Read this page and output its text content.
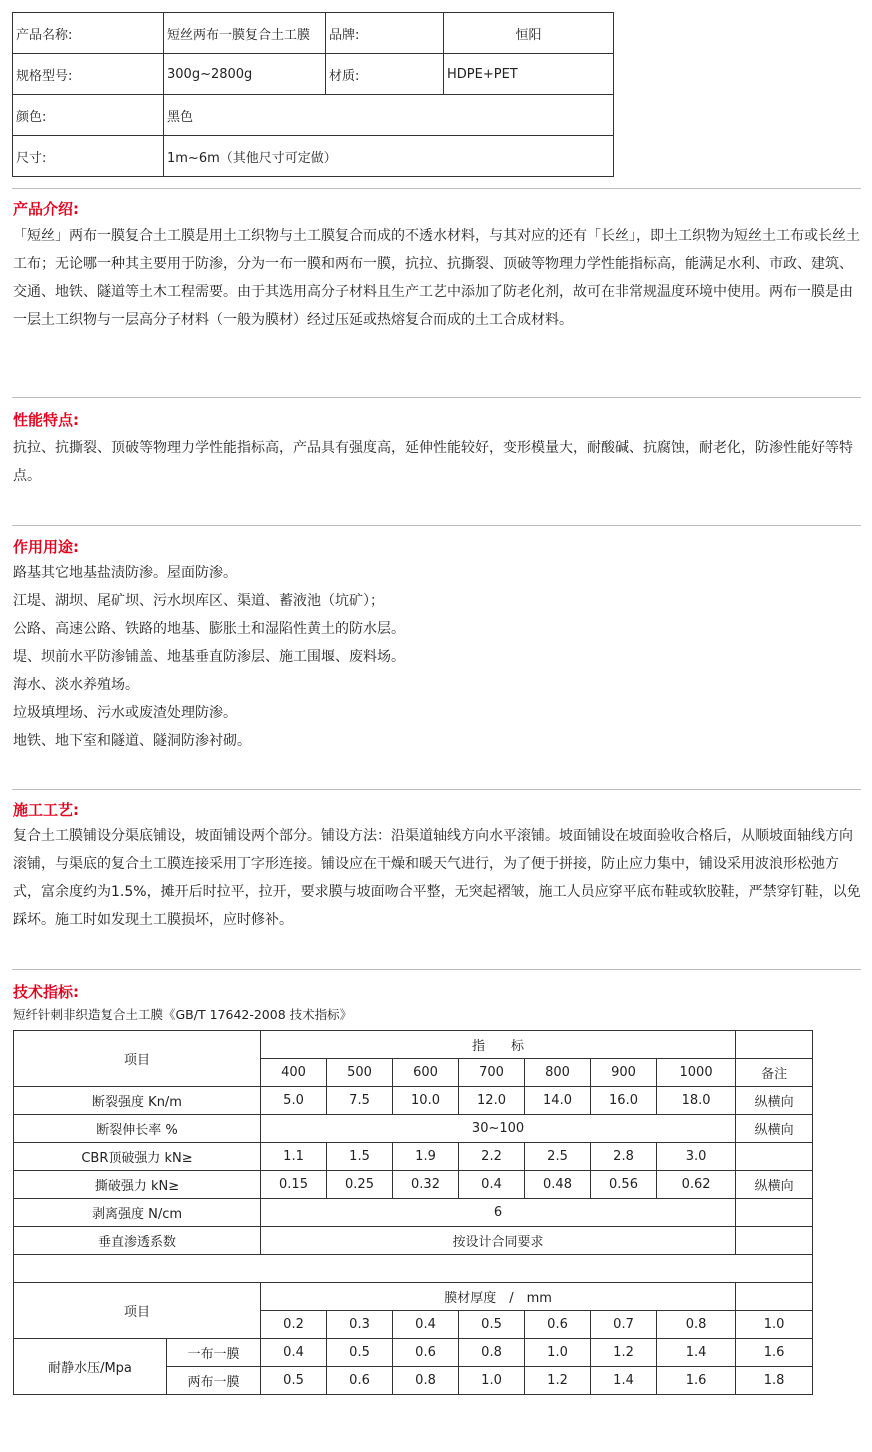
产品名称:	短丝两布一膜复合土工膜	品牌:	恒阳
规格型号:	300g~2800g	材质:	HDPE+PET
颜色:	黑色		
尺寸:	1m~6m（其他尺寸可定做）		
产品介绍:

「短丝」两布一膜复合土工膜是用土工织物与土工膜复合而成的不透水材料，与其对应的还有「长丝」，即土工织物为短丝土工布或长丝土工布；无论哪一种其主要用于防渗，分为一布一膜和两布一膜，抗拉、抗撕裂、顶破等物理力学性能指标高，能满足水利、市政、建筑、交通、地铁、隧道等土木工程需要。由于其选用高分子材料且生产工艺中添加了防老化剂，故可在非常规温度环境中使用。两布一膜是由一层土工织物与一层高分子材料（一般为膜材）经过压延或热熔复合而成的土工合成材料。

性能特点:

抗拉、抗撕裂、顶破等物理力学性能指标高，产品具有强度高，延伸性能较好，变形模量大，耐酸碱、抗腐蚀，耐老化，防渗性能好等特点。

作用用途:
路基其它地基盐渍防渗。屋面防渗。
江堤、湖坝、尾矿坝、污水坝库区、渠道、蓄液池（坑矿）；
公路、高速公路、铁路的地基、膨胀土和湿陷性黄土的防水层。
堤、坝前水平防渗铺盖、地基垂直防渗层、施工围堰、废料场。
海水、淡水养殖场。
垃圾填埋场、污水或废渣处理防渗。
地铁、地下室和隧道、隧洞防渗衬砌。
施工工艺:

复合土工膜铺设分渠底铺设，坡面铺设两个部分。铺设方法：沿渠道轴线方向水平滚铺。坡面铺设在坡面验收合格后，从顺坡面轴线方向滚铺，与渠底的复合土工膜连接采用丁字形连接。铺设应在干燥和暖天气进行，为了便于拼接，防止应力集中，铺设采用波浪形松弛方式，富余度约为1.5%，摊开后时拉平，拉开，要求膜与坡面吻合平整，无突起褶皱，施工人员应穿平底布鞋或软胶鞋，严禁穿钉鞋，以免踩坏。施工时如发现土工膜损坏，应时修补。

技术指标:
短纤针刺非织造复合土工膜《GB/T 17642-2008 技术指标》
项目		指　　标							
		400	500	600	700	800	900	1000	备注
断裂强度 Kn/m		5.0	7.5	10.0	12.0	14.0	16.0	18.0	纵横向
断裂伸长率 %		30~100							纵横向
CBR顶破强力 kN≥		1.1	1.5	1.9	2.2	2.5	2.8	3.0	
撕破强力 kN≥		0.15	0.25	0.32	0.4	0.48	0.56	0.62	纵横向
剥离强度 N/cm		6							
垂直渗透系数		按设计合同要求							

项目		膜材厚度　/　mm							
		0.2	0.3	0.4	0.5	0.6	0.7	0.8	1.0
耐静水压/Mpa	一布一膜	0.4	0.5	0.6	0.8	1.0	1.2	1.4	1.6
	两布一膜	0.5	0.6	0.8	1.0	1.2	1.4	1.6	1.8
